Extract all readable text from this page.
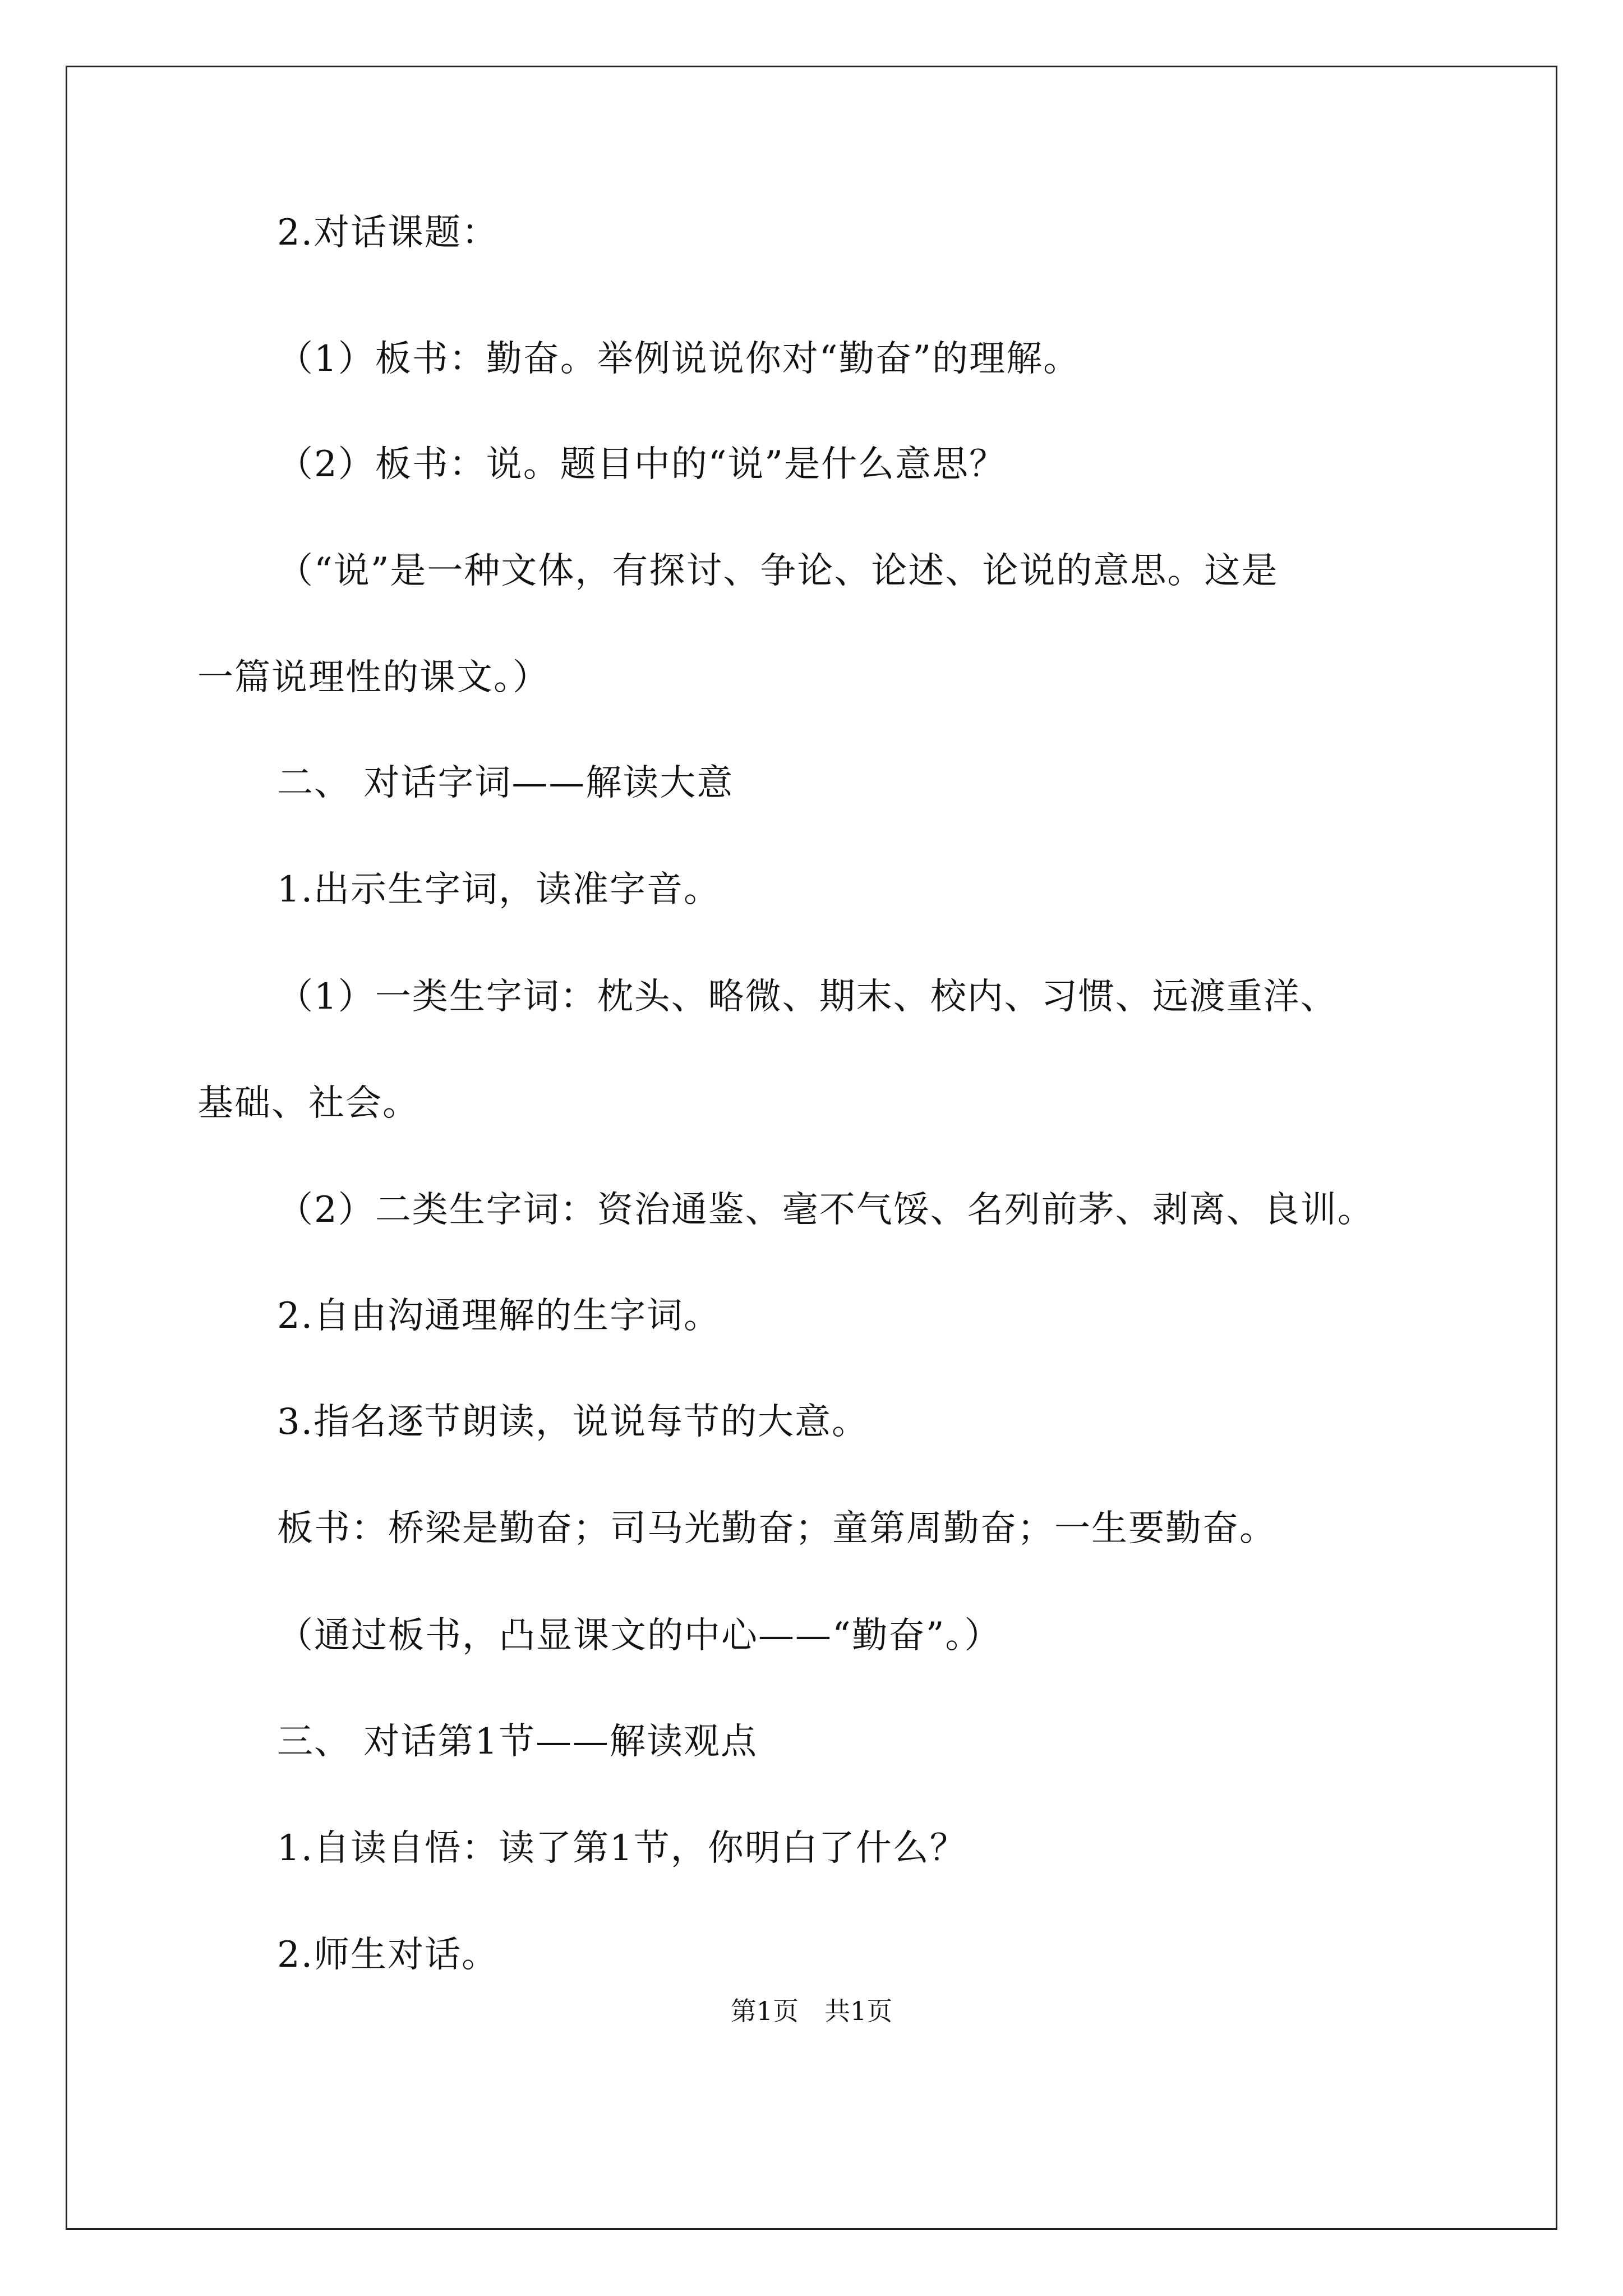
2.对话课题：
（1）板书：勤奋。举例说说你对“勤奋”的理解。
（2）板书：说。题目中的“说”是什么意思？
（“说”是一种文体，有探讨、争论、论述、论说的意思。这是
一篇说理性的课文。）
二、 对话字词——解读大意
1.出示生字词，读准字音。
（1）一类生字词：枕头、略微、期末、校内、习惯、远渡重洋、
基础、社会。
（2）二类生字词：资治通鉴、毫不气馁、名列前茅、剥离、良训。
2.自由沟通理解的生字词。
3.指名逐节朗读，说说每节的大意。
板书：桥梁是勤奋；司马光勤奋；童第周勤奋；一生要勤奋。
（通过板书，凸显课文的中心——“勤奋”。）
三、 对话第1节——解读观点
1.自读自悟：读了第1节，你明白了什么？
2.师生对话。
第1页　共1页
